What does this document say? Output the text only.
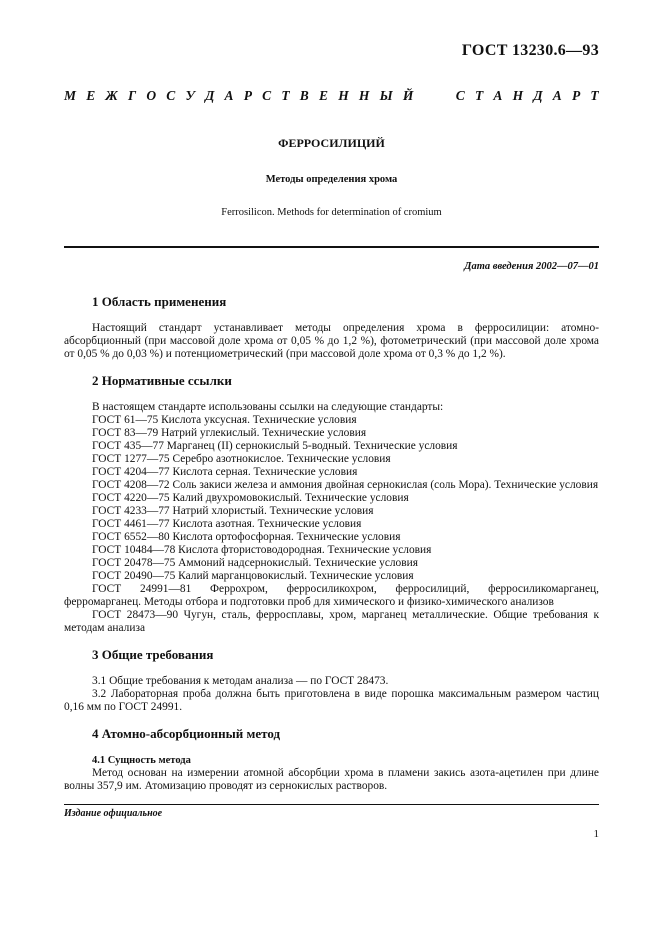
ГОСТ 13230.6—93
М Е Ж Г О С У Д А Р С Т В Е Н Н Ы Й	С Т А Н Д А Р Т
ФЕРРОСИЛИЦИЙ
Методы определения хрома
Ferrosilicon. Methods for determination of cromium
Дата введения 2002—07—01
1 Область применения

Настоящий стандарт устанавливает методы определения хрома в ферросилиции: атомно-абсорбционный (при массовой доле хрома от 0,05 % до 1,2 %), фотометрический (при массовой доле хрома от 0,05 % до 0,03 %) и потенциометрический (при массовой доле хрома от 0,3 % до 1,2 %).

2 Нормативные ссылки

В настоящем стандарте использованы ссылки на следующие стандарты:

ГОСТ 61—75 Кислота уксусная. Технические условия

ГОСТ 83—79 Натрий углекислый. Технические условия

ГОСТ 435—77 Марганец (II) сернокислый 5-водный. Технические условия

ГОСТ 1277—75 Серебро азотнокислое. Технические условия

ГОСТ 4204—77 Кислота серная. Технические условия

ГОСТ 4208—72 Соль закиси железа и аммония двойная сернокислая (соль Мора). Технические условия

ГОСТ 4220—75 Калий двухромовокислый. Технические условия

ГОСТ 4233—77 Натрий хлористый. Технические условия

ГОСТ 4461—77 Кислота азотная. Технические условия

ГОСТ 6552—80 Кислота ортофосфорная. Технические условия

ГОСТ 10484—78 Кислота фтористоводородная. Технические условия

ГОСТ 20478—75 Аммоний надсернокислый. Технические условия

ГОСТ 20490—75 Калий марганцовокислый. Технические условия

ГОСТ 24991—81 Феррохром, ферросиликохром, ферросилиций, ферросиликомарганец, ферромарганец. Методы отбора и подготовки проб для химического и физико-химического анализов

ГОСТ 28473—90 Чугун, сталь, ферросплавы, хром, марганец металлические. Общие требования к методам анализа

3 Общие требования

3.1 Общие требования к методам анализа — по ГОСТ 28473.

3.2 Лабораторная проба должна быть приготовлена в виде порошка максимальным размером частиц 0,16 мм по ГОСТ 24991.

4 Атомно-абсорбционный метод
4.1 Сущность метода

Метод основан на измерении атомной абсорбции хрома в пламени закись азота-ацетилен при длине волны 357,9 им. Атомизацию проводят из сернокислых растворов.

Издание официальное
1
